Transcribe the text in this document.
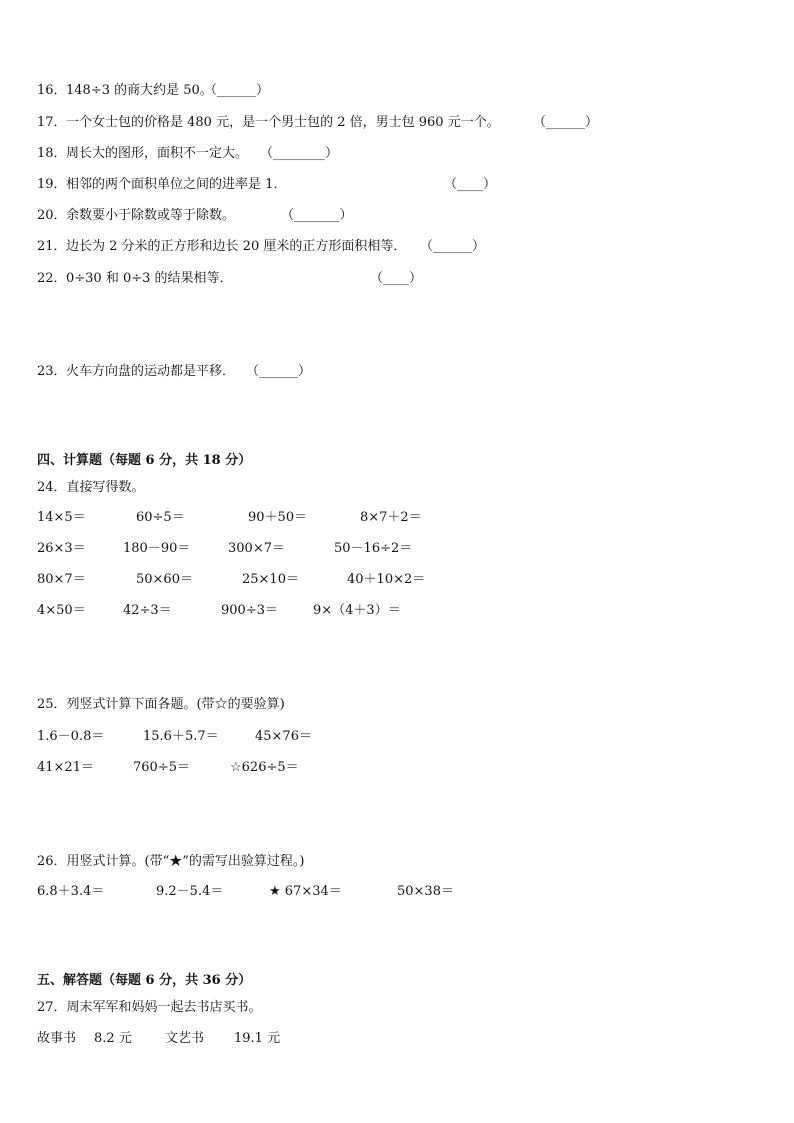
16． 148÷3 的商大约是 50。
（______）
17． 一个女士包的价格是 480 元，是一个男士包的 2 倍，男士包 960 元一个。	（______）
18． 周长大的图形，面积不一定大。 （________）
19． 相邻的两个面积单位之间的进率是 1．	（____）
20． 余数要小于除数或等于除数。	（_______）
21． 边长为 2 分米的正方形和边长 20 厘米的正方形面积相等． （______）
22． 0÷30 和 0÷3 的结果相等．	（____）
23． 火车方向盘的运动都是平移． （______）
四、计算题（每题 6 分，共 18 分）
24．直接写得数。
14×5＝	60÷5＝	90＋50＝	8×7＋2＝
26×3＝	180－90＝	300×7＝	50－16÷2＝
80×7＝	50×60＝	25×10＝	40＋10×2＝
4×50＝	42÷3＝	900÷3＝	9×（4＋3）＝
25．列竖式计算下面各题。(带☆的要验算)
1.6－0.8＝	15.6＋5.7＝	45×76＝
41×21＝	760÷5＝	☆626÷5＝
26．用竖式计算。(带“★”的需写出验算过程。)
6.8＋3.4＝	9.2－5.4＝	★ 67×34＝	50×38＝
五、解答题（每题 6 分，共 36 分）
27．周末军军和妈妈一起去书店买书。
故事书 8.2 元	文艺书 19.1 元
